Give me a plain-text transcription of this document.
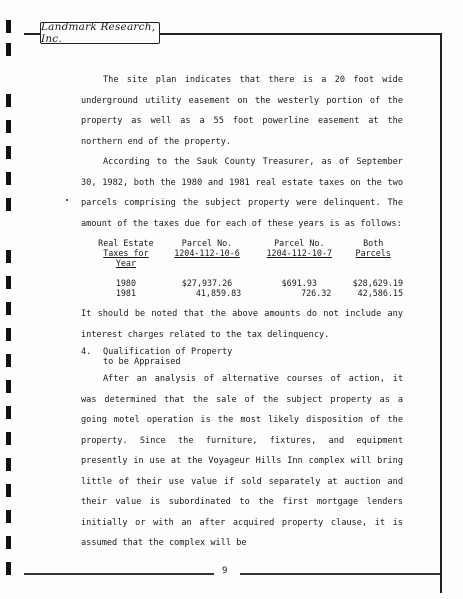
Landmark Research, Inc.

The site plan indicates that there is a 20 foot wide underground utility easement on the westerly portion of the property as well as a 55 foot powerline easement at the northern end of the property.

According to the Sauk County Treasurer, as of September 30, 1982, both the 1980 and 1981 real estate taxes on the two parcels comprising the subject property were delinquent. The amount of the taxes due for each of these years is as follows:

Real Estate	Parcel No.	Parcel No.	Both
Taxes for Year	1204-112-10-6	1204-112-10-7	Parcels

1980	$27,937.26	$691.93	$28,629.19
1981	41,859.83	726.32	42,586.15

It should be noted that the above amounts do not include any interest charges related to the tax delinquency.

4. Qualification of Property
to be Appraised

After an analysis of alternative courses of action, it was determined that the sale of the subject property as a going motel operation is the most likely disposition of the property. Since the furniture, fixtures, and equipment presently in use at the Voyageur Hills Inn complex will bring little of their use value if sold separately at auction and their value is subordinated to the first mortgage lenders initially or with an after acquired property clause, it is assumed that the complex will be

9
